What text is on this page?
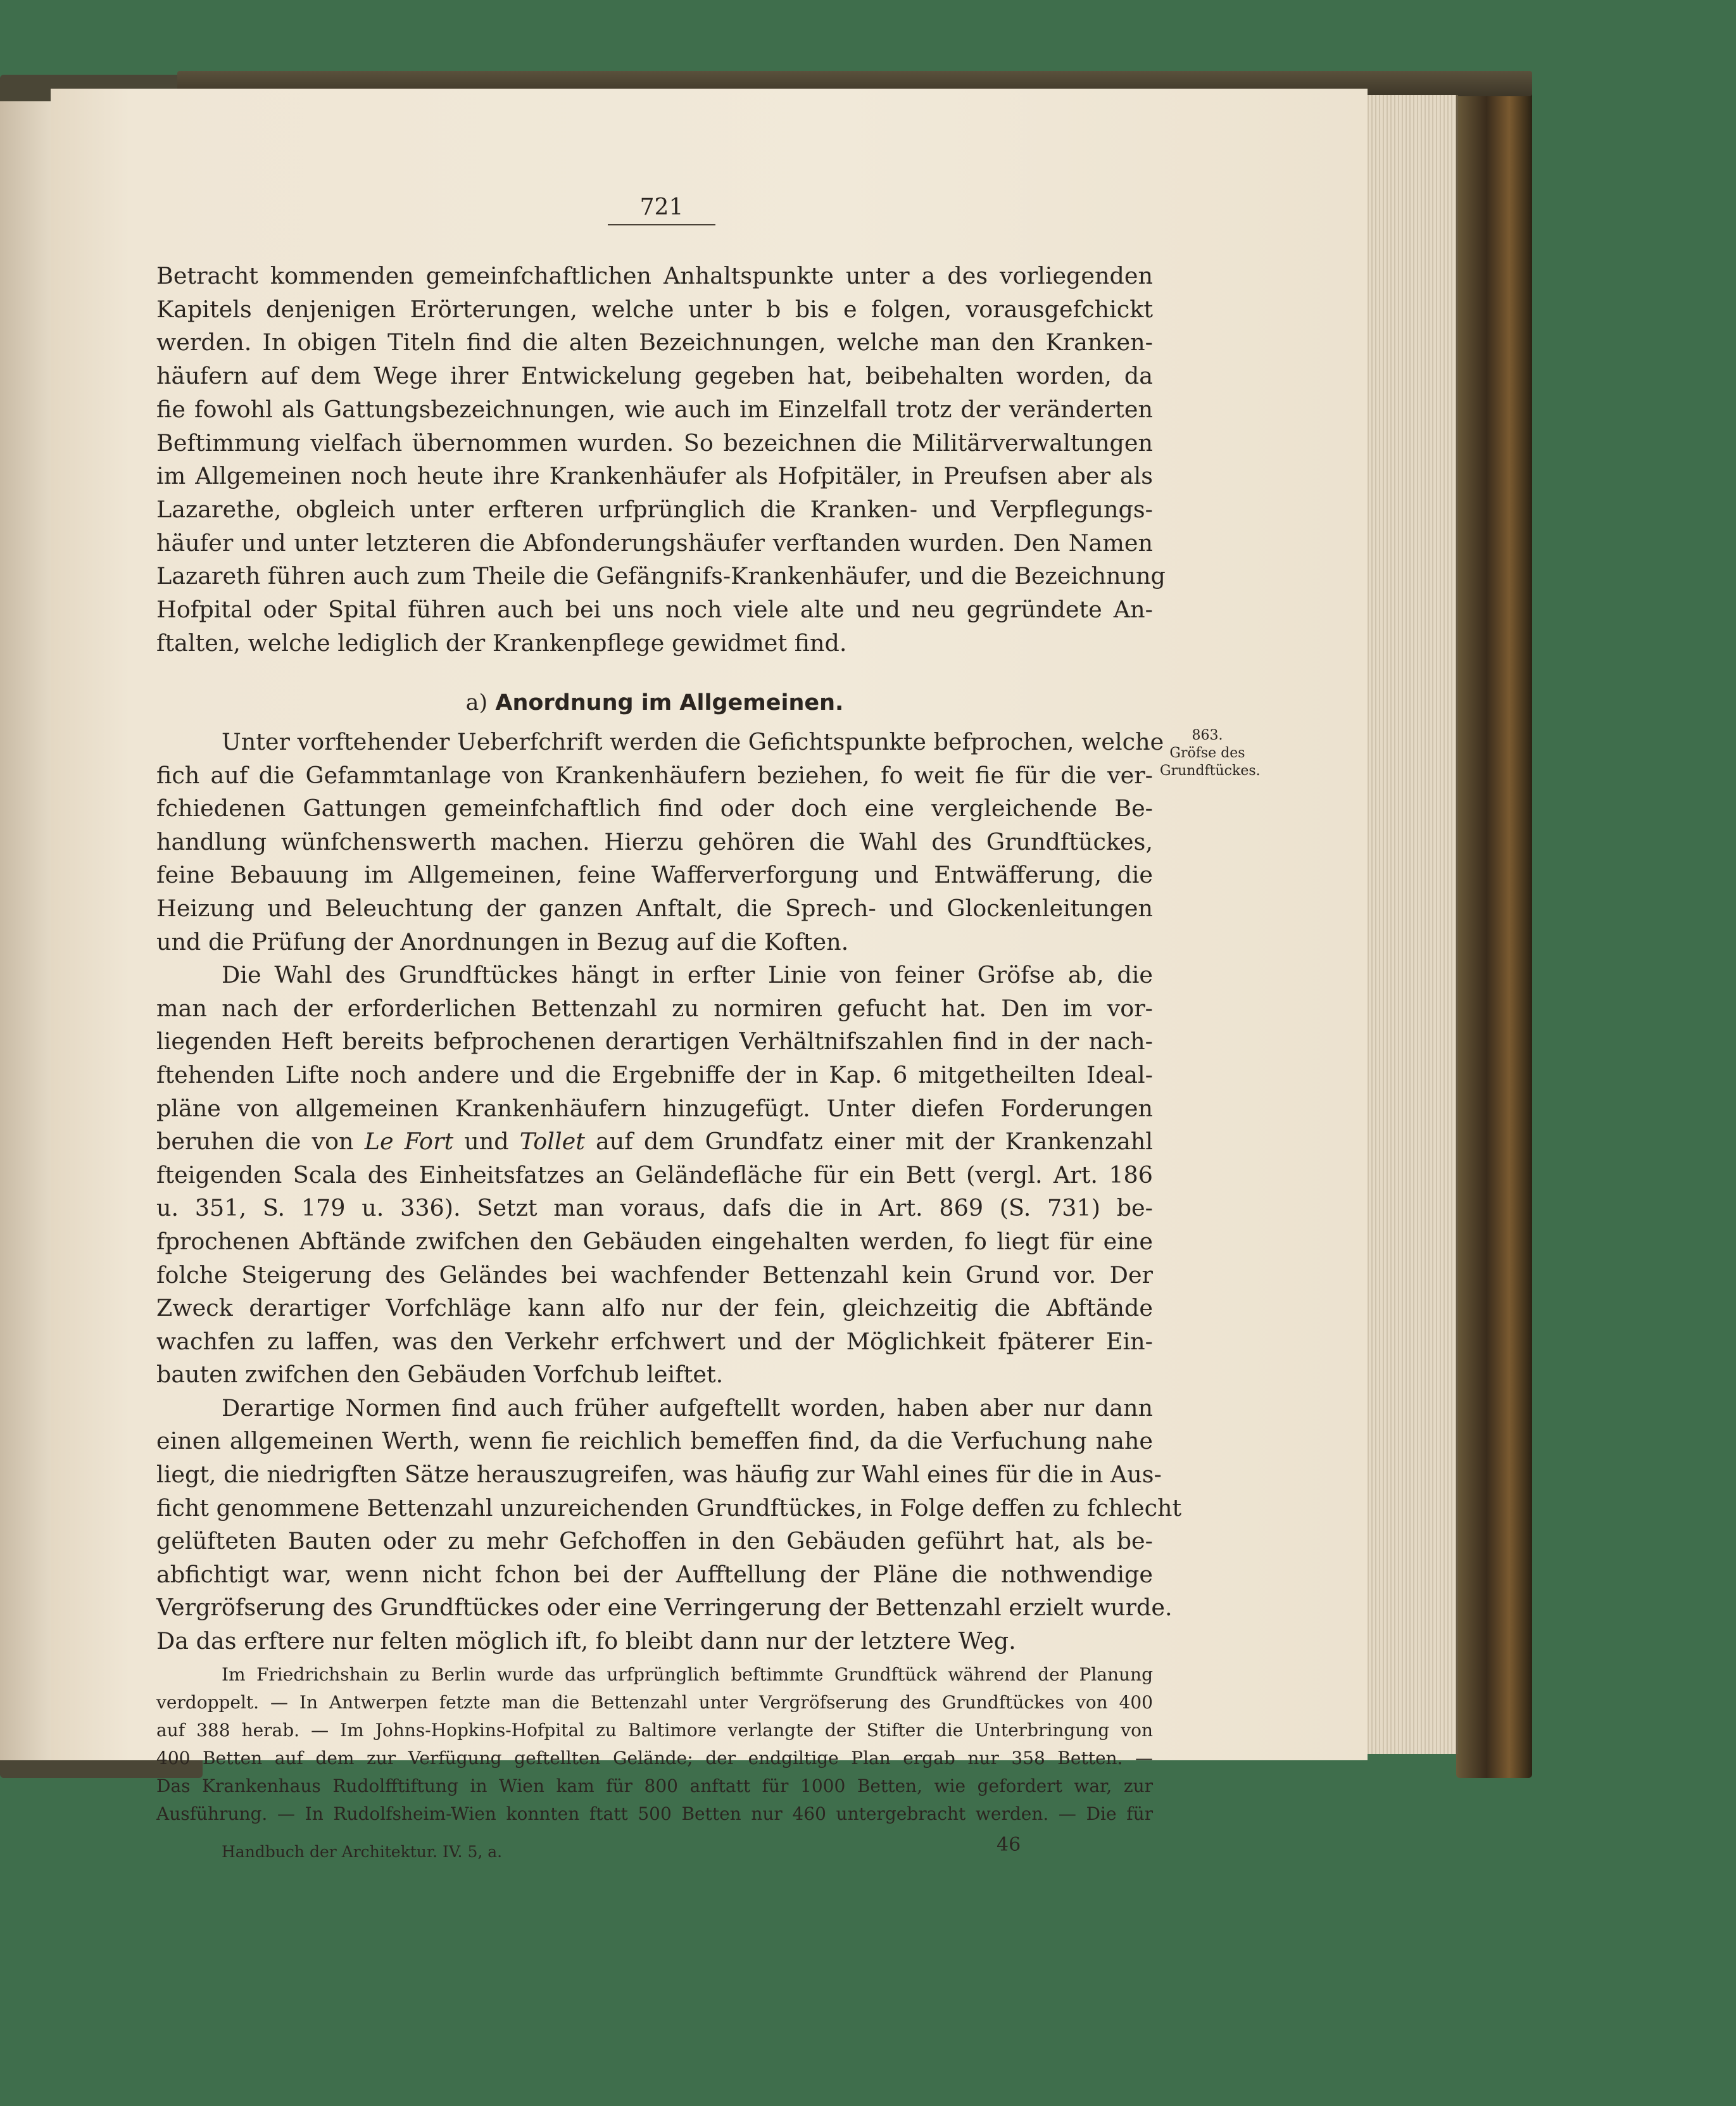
721
Betracht kommenden gemeinfchaftlichen Anhaltspunkte unter a des vorliegenden
Kapitels denjenigen Erörterungen, welche unter b bis e folgen, vorausgefchickt
werden. In obigen Titeln find die alten Bezeichnungen, welche man den Kranken-
häufern auf dem Wege ihrer Entwickelung gegeben hat, beibehalten worden, da
fie fowohl als Gattungsbezeichnungen, wie auch im Einzelfall trotz der veränderten
Beftimmung vielfach übernommen wurden. So bezeichnen die Militärverwaltungen
im Allgemeinen noch heute ihre Krankenhäufer als Hofpitäler, in Preufsen aber als
Lazarethe, obgleich unter erfteren urfprünglich die Kranken- und Verpflegungs-
häufer und unter letzteren die Abfonderungshäufer verftanden wurden. Den Namen
Lazareth führen auch zum Theile die Gefängnifs-Krankenhäufer, und die Bezeichnung
Hofpital oder Spital führen auch bei uns noch viele alte und neu gegründete An-
ftalten, welche lediglich der Krankenpflege gewidmet find.
a) Anordnung im Allgemeinen.
863.
Gröfse des
Grundftückes.
Unter vorftehender Ueberfchrift werden die Gefichtspunkte befprochen, welche
fich auf die Gefammtanlage von Krankenhäufern beziehen, fo weit fie für die ver-
fchiedenen Gattungen gemeinfchaftlich find oder doch eine vergleichende Be-
handlung wünfchenswerth machen. Hierzu gehören die Wahl des Grundftückes,
feine Bebauung im Allgemeinen, feine Wafferverforgung und Entwäfferung, die
Heizung und Beleuchtung der ganzen Anftalt, die Sprech- und Glockenleitungen
und die Prüfung der Anordnungen in Bezug auf die Koften.
Die Wahl des Grundftückes hängt in erfter Linie von feiner Gröfse ab, die
man nach der erforderlichen Bettenzahl zu normiren gefucht hat. Den im vor-
liegenden Heft bereits befprochenen derartigen Verhältnifszahlen find in der nach-
ftehenden Lifte noch andere und die Ergebniffe der in Kap. 6 mitgetheilten Ideal-
pläne von allgemeinen Krankenhäufern hinzugefügt. Unter diefen Forderungen
beruhen die von Le Fort und Tollet auf dem Grundfatz einer mit der Krankenzahl
fteigenden Scala des Einheitsfatzes an Geländefläche für ein Bett (vergl. Art. 186
u. 351, S. 179 u. 336). Setzt man voraus, dafs die in Art. 869 (S. 731) be-
fprochenen Abftände zwifchen den Gebäuden eingehalten werden, fo liegt für eine
folche Steigerung des Geländes bei wachfender Bettenzahl kein Grund vor. Der
Zweck derartiger Vorfchläge kann alfo nur der fein, gleichzeitig die Abftände
wachfen zu laffen, was den Verkehr erfchwert und der Möglichkeit fpäterer Ein-
bauten zwifchen den Gebäuden Vorfchub leiftet.
Derartige Normen find auch früher aufgeftellt worden, haben aber nur dann
einen allgemeinen Werth, wenn fie reichlich bemeffen find, da die Verfuchung nahe
liegt, die niedrigften Sätze herauszugreifen, was häufig zur Wahl eines für die in Aus-
ficht genommene Bettenzahl unzureichenden Grundftückes, in Folge deffen zu fchlecht
gelüfteten Bauten oder zu mehr Gefchoffen in den Gebäuden geführt hat, als be-
abfichtigt war, wenn nicht fchon bei der Aufftellung der Pläne die nothwendige
Vergröfserung des Grundftückes oder eine Verringerung der Bettenzahl erzielt wurde.
Da das erftere nur felten möglich ift, fo bleibt dann nur der letztere Weg.
Im Friedrichshain zu Berlin wurde das urfprünglich beftimmte Grundftück während der Planung
verdoppelt. — In Antwerpen fetzte man die Bettenzahl unter Vergröfserung des Grundftückes von 400
auf 388 herab. — Im Johns-Hopkins-Hofpital zu Baltimore verlangte der Stifter die Unterbringung von
400 Betten auf dem zur Verfügung geftellten Gelände; der endgiltige Plan ergab nur 358 Betten. —
Das Krankenhaus Rudolfftiftung in Wien kam für 800 anftatt für 1000 Betten, wie gefordert war, zur
Ausführung. — In Rudolfsheim-Wien konnten ftatt 500 Betten nur 460 untergebracht werden. — Die für
Handbuch der Architektur. IV. 5, a.	46
